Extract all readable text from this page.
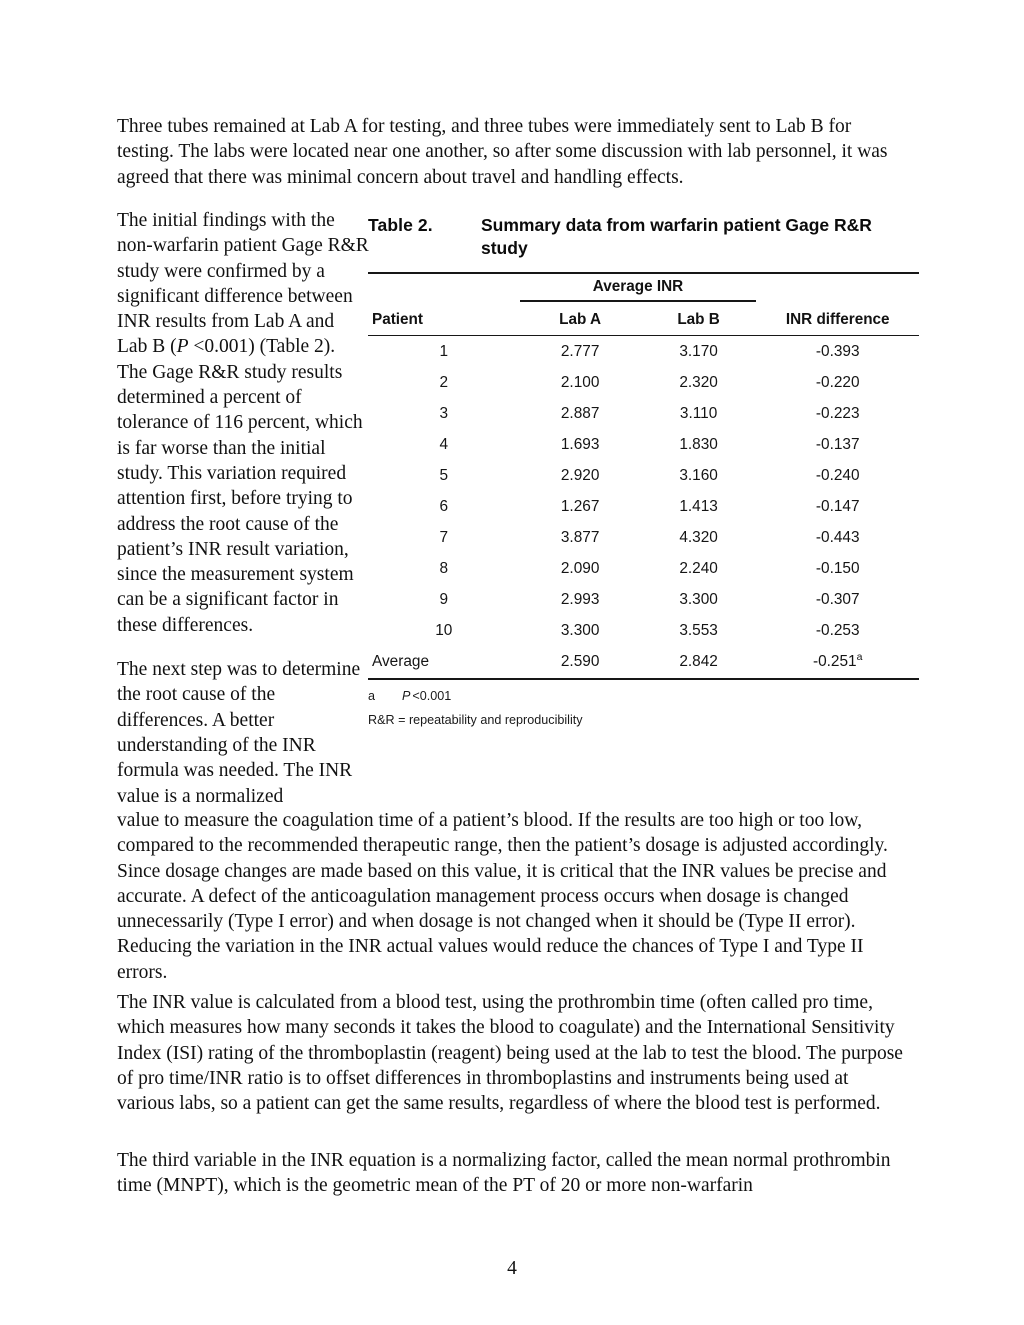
Three tubes remained at Lab A for testing, and three tubes were immediately sent to Lab B for testing. The labs were located near one another, so after some discussion with lab personnel, it was agreed that there was minimal concern about travel and handling effects.

The initial findings with the non-warfarin patient Gage R&R study were confirmed by a significant difference between INR results from Lab A and Lab B (P <0.001) (Table 2). The Gage R&R study results determined a percent of tolerance of 116 percent, which is far worse than the initial study. This variation required attention first, before trying to address the root cause of the patient’s INR result variation, since the measurement system can be a significant factor in these differences.

The next step was to determine the root cause of the differences. A better understanding of the INR formula was needed. The INR value is a normalized

Table 2.	Summary data from warfarin patient Gage R&R study
	Average INR		

Patient	Lab A	Lab B	INR difference
1	2.777	3.170	-0.393
2	2.100	2.320	-0.220
3	2.887	3.110	-0.223
4	1.693	1.830	-0.137
5	2.920	3.160	-0.240
6	1.267	1.413	-0.147
7	3.877	4.320	-0.443
8	2.090	2.240	-0.150
9	2.993	3.300	-0.307
10	3.300	3.553	-0.253
Average	2.590	2.842	-0.251$^a$
a	P <0.001
R&R = repeatability and reproducibility
value to measure the coagulation time of a patient’s blood. If the results are too high or too low, compared to the recommended therapeutic range, then the patient’s dosage is adjusted accordingly. Since dosage changes are made based on this value, it is critical that the INR values be precise and accurate. A defect of the anticoagulation management process occurs when dosage is changed unnecessarily (Type I error) and when dosage is not changed when it should be (Type II error). Reducing the variation in the INR actual values would reduce the chances of Type I and Type II errors.
The INR value is calculated from a blood test, using the prothrombin time (often called pro time, which measures how many seconds it takes the blood to coagulate) and the International Sensitivity Index (ISI) rating of the thromboplastin (reagent) being used at the lab to test the blood. The purpose of pro time/INR ratio is to offset differences in thromboplastins and instruments being used at various labs, so a patient can get the same results, regardless of where the blood test is performed.
The third variable in the INR equation is a normalizing factor, called the mean normal prothrombin time (MNPT), which is the geometric mean of the PT of 20 or more non-warfarin
4
